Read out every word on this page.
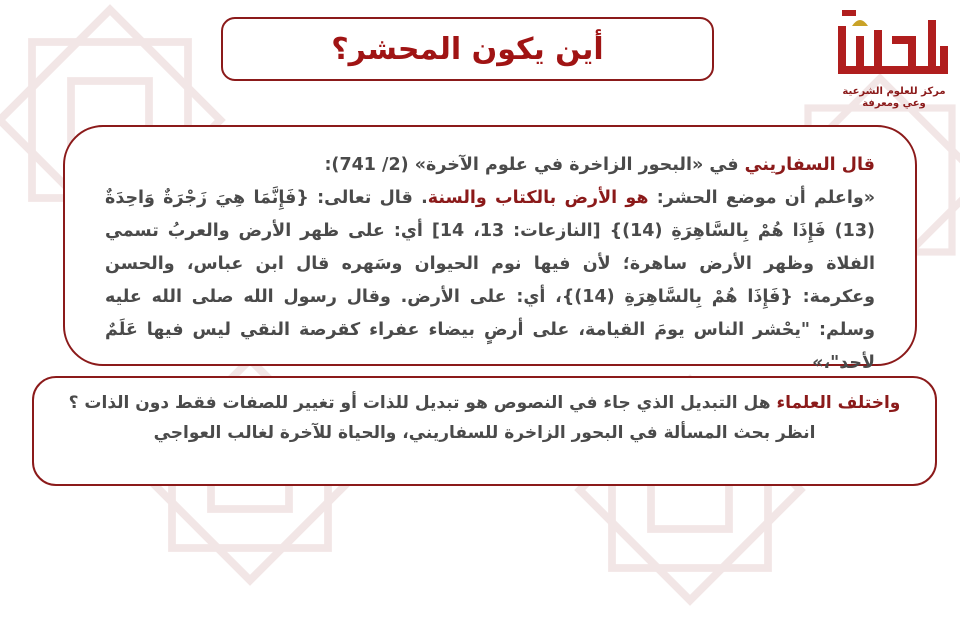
مركز للعلوم الشرعية
وعي ومعرفة
أين يكون المحشر؟

قال السفاريني في «البحور الزاخرة في علوم الآخرة» (2/ 741):
«واعلم أن موضع الحشر: هو الأرض بالكتاب والسنة. قال تعالى: {فَإِنَّمَا هِيَ زَجْرَةٌ وَاحِدَةٌ (13) فَإِذَا هُمْ بِالسَّاهِرَةِ (14)} [النازعات: 13، 14] أي: على ظهر الأرض والعربُ تسمي الفلاة وظهر الأرض ساهرة؛ لأن فيها نوم الحيوان وسَهره قال ابن عباس، والحسن وعكرمة: {فَإِذَا هُمْ بِالسَّاهِرَةِ (14)}، أي: على الأرض. وقال رسول الله صلى الله عليه وسلم: "يحْشر الناس يومَ القيامة، على أرضٍ بيضاء عفراء كقرصة النقي ليس فيها عَلَمٌ لأحد"،»

واختلف العلماء هل التبديل الذي جاء في النصوص هو تبديل للذات أو تغيير للصفات فقط دون الذات ؟

انظر بحث المسألة في البحور الزاخرة للسفاريني، والحياة للآخرة لغالب العواجي
